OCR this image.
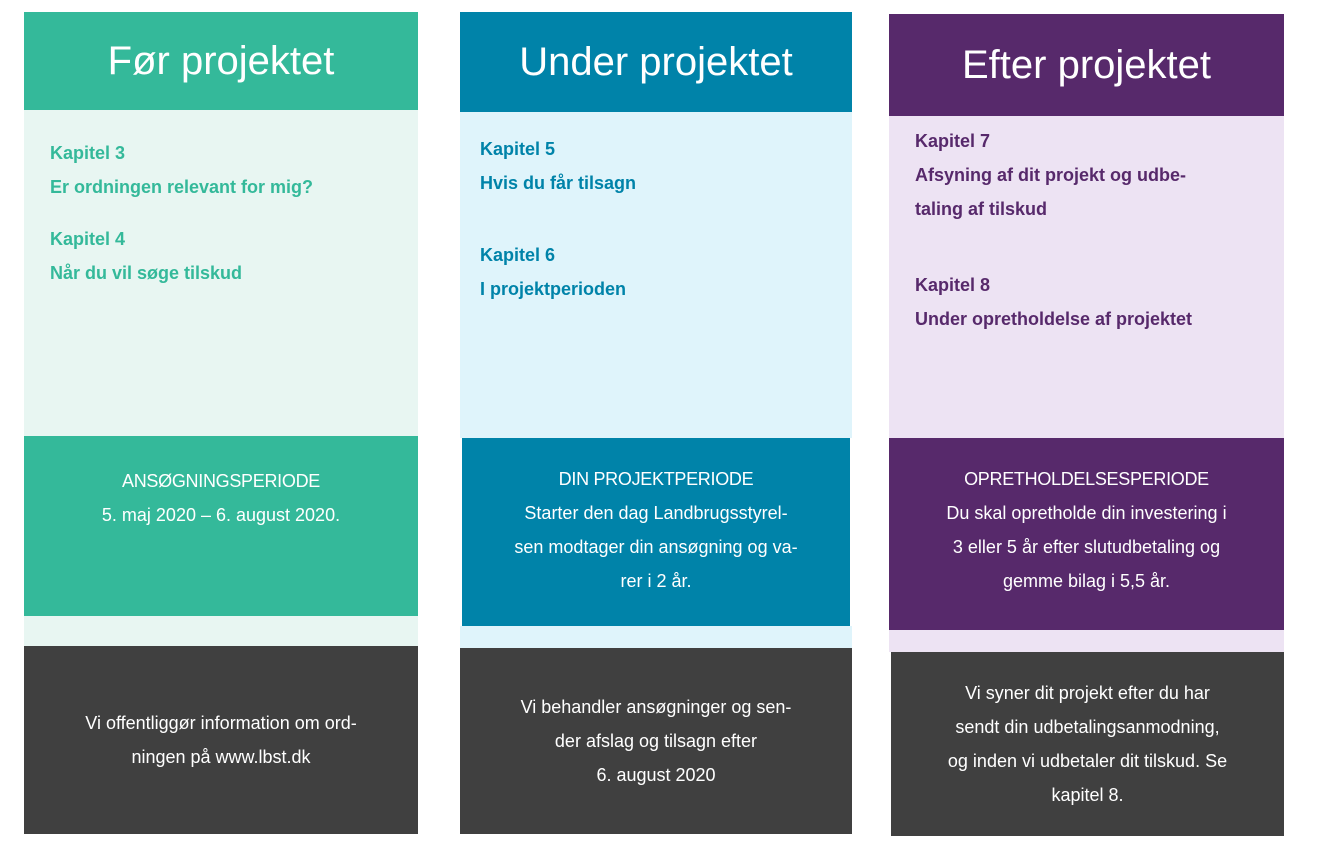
Før projektet
Kapitel 3
Er ordningen relevant for mig?
Kapitel 4
Når du vil søge tilskud
ANSØGNINGSPERIODE
5. maj 2020 – 6. august 2020.
Vi offentliggør information om ord-
ningen på www.lbst.dk
Under projektet
Kapitel 5
Hvis du får tilsagn
Kapitel 6
I projektperioden
DIN PROJEKTPERIODE
Starter den dag Landbrugsstyrel-
sen modtager din ansøgning og va-
rer i 2 år.
Vi behandler ansøgninger og sen-
der afslag og tilsagn efter
6. august 2020
Efter projektet
Kapitel 7
Afsyning af dit projekt og udbe-
taling af tilskud
Kapitel 8
Under opretholdelse af projektet
OPRETHOLDELSESPERIODE
Du skal opretholde din investering i
3 eller 5 år efter slutudbetaling og
gemme bilag i 5,5 år.
Vi syner dit projekt efter du har
sendt din udbetalingsanmodning,
og inden vi udbetaler dit tilskud. Se
kapitel 8.
